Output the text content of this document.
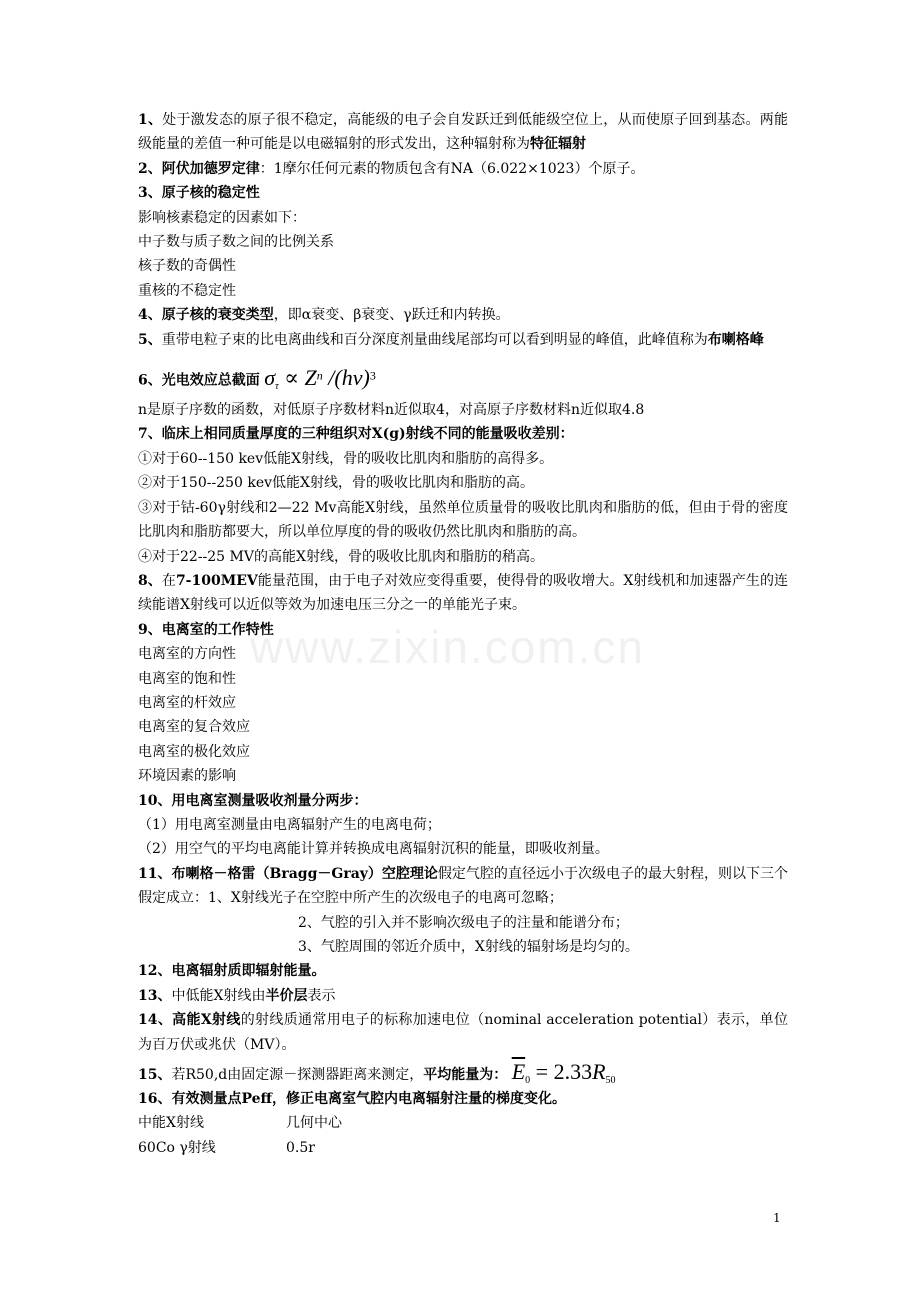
www.zixin.com.cn
1、处于激发态的原子很不稳定，高能级的电子会自发跃迁到低能级空位上，从而使原子回到基态。两能级能量的差值一种可能是以电磁辐射的形式发出，这种辐射称为特征辐射
2、阿伏加德罗定律：1摩尔任何元素的物质包含有NA（6.022×1023）个原子。
3、原子核的稳定性
影响核素稳定的因素如下：
中子数与质子数之间的比例关系
核子数的奇偶性
重核的不稳定性
4、原子核的衰变类型，即α衰变、β衰变、γ跃迁和内转换。
5、重带电粒子束的比电离曲线和百分深度剂量曲线尾部均可以看到明显的峰值，此峰值称为布喇格峰
6、光电效应总截面 $\sigma_\tau \propto Zn$ /(hν)3
n是原子序数的函数，对低原子序数材料n近似取4，对高原子序数材料n近似取4.8
7、临床上相同质量厚度的三种组织对X(g)射线不同的能量吸收差别：
①对于60--150 kev低能X射线，骨的吸收比肌肉和脂肪的高得多。
②对于150--250 kev低能X射线，骨的吸收比肌肉和脂肪的高。
③对于钴-60γ射线和2—22 Mv高能X射线，虽然单位质量骨的吸收比肌肉和脂肪的低，但由于骨的密度比肌肉和脂肪都要大，所以单位厚度的骨的吸收仍然比肌肉和脂肪的高。
④对于22--25 MV的高能X射线，骨的吸收比肌肉和脂肪的稍高。
8、在7-100MEV能量范围，由于电子对效应变得重要，使得骨的吸收增大。X射线机和加速器产生的连续能谱X射线可以近似等效为加速电压三分之一的单能光子束。
9、电离室的工作特性
电离室的方向性
电离室的饱和性
电离室的杆效应
电离室的复合效应
电离室的极化效应
环境因素的影响
10、用电离室测量吸收剂量分两步：
（1）用电离室测量由电离辐射产生的电离电荷；
（2）用空气的平均电离能计算并转换成电离辐射沉积的能量，即吸收剂量。
11、布喇格－格雷（Bragg－Gray）空腔理论假定气腔的直径远小于次级电子的最大射程，则以下三个假定成立：1、X射线光子在空腔中所产生的次级电子的电离可忽略；
2、气腔的引入并不影响次级电子的注量和能谱分布；
3、气腔周围的邻近介质中，X射线的辐射场是均匀的。
12、电离辐射质即辐射能量。
13、中低能X射线由半价层表示
14、高能X射线的射线质通常用电子的标称加速电位（nominal acceleration potential）表示，单位为百万伏或兆伏（MV）。
15、若R50,d由固定源－探测器距离来测定，平均能量为： $\overline{E}_0 = 2.33R_{50}$
16、有效测量点Peff，修正电离室气腔内电离辐射注量的梯度变化。
中能X射线	几何中心
60Co γ射线	0.5r
1
